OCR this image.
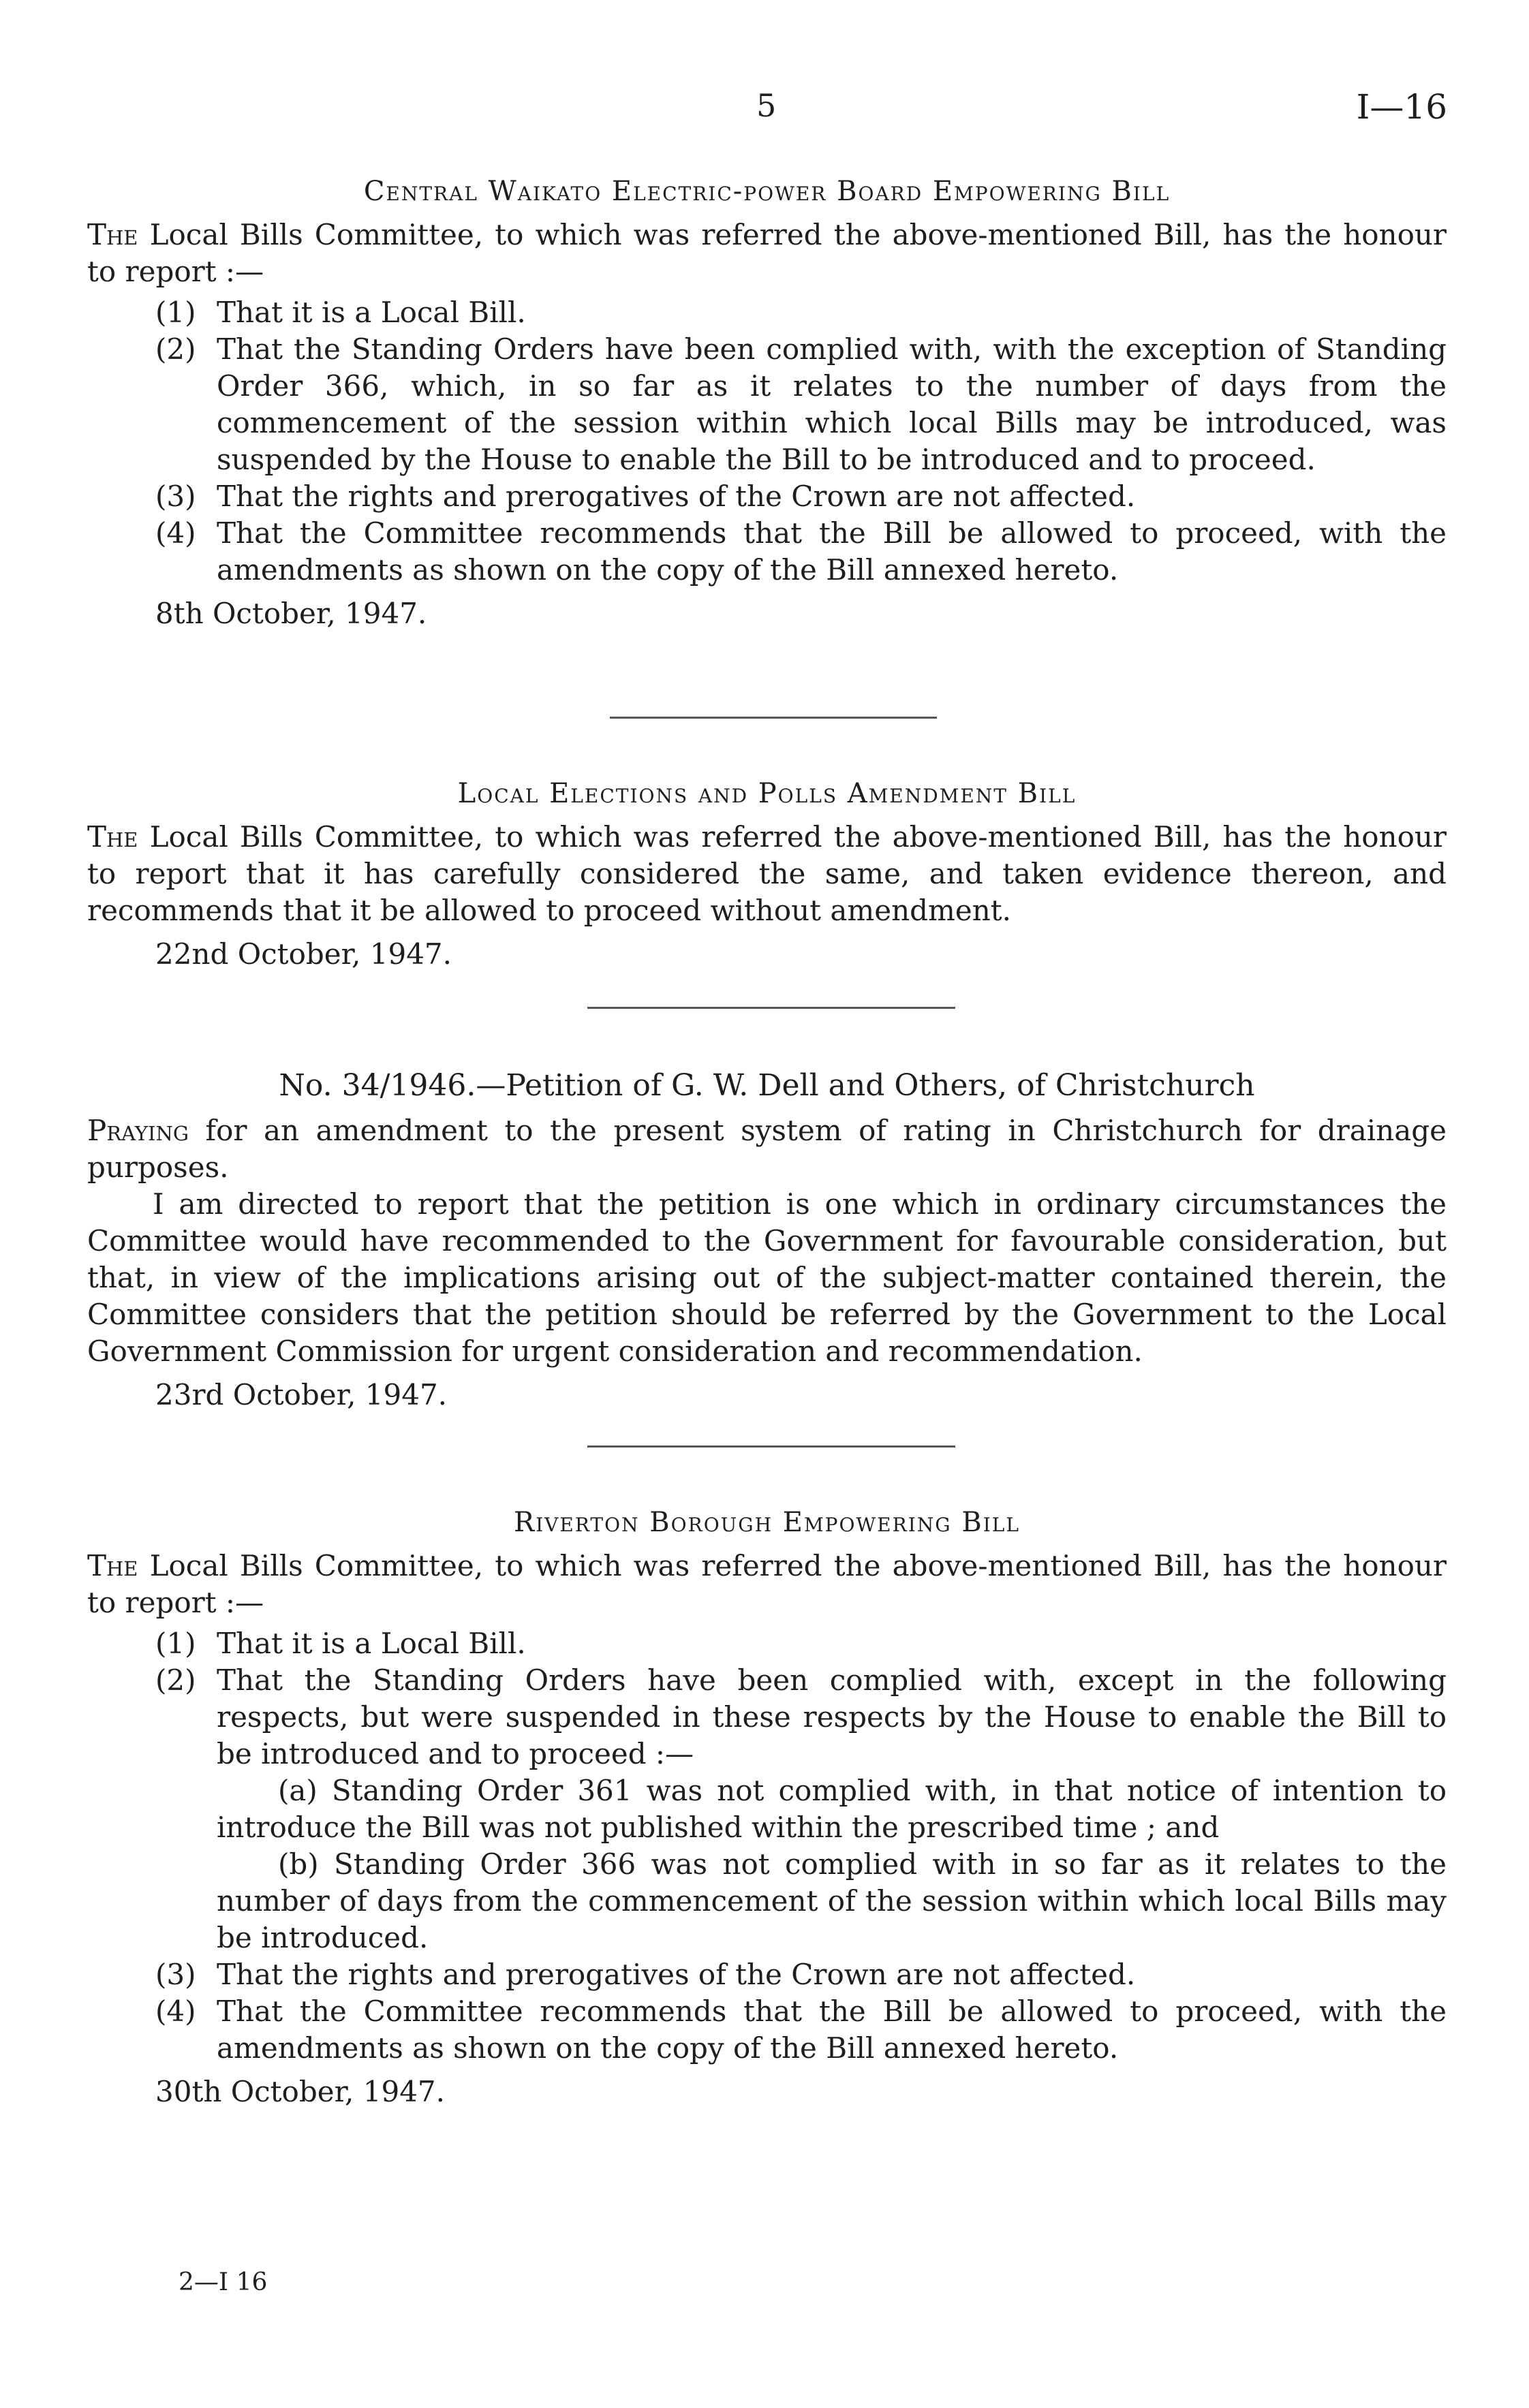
5	I—16
Central Waikato Electric-power Board Empowering Bill

The Local Bills Committee, to which was referred the above-mentioned Bill, has the honour to report :—

(1) That it is a Local Bill.
(2) That the Standing Orders have been complied with, with the exception of Standing Order 366, which, in so far as it relates to the number of days from the commencement of the session within which local Bills may be introduced, was suspended by the House to enable the Bill to be introduced and to proceed.
(3) That the rights and prerogatives of the Crown are not affected.
(4) That the Committee recommends that the Bill be allowed to proceed, with the amendments as shown on the copy of the Bill annexed hereto.
8th October, 1947.
Local Elections and Polls Amendment Bill

The Local Bills Committee, to which was referred the above-mentioned Bill, has the honour to report that it has carefully considered the same, and taken evidence thereon, and recommends that it be allowed to proceed without amendment.

22nd October, 1947.
No. 34/1946.—Petition of G. W. Dell and Others, of Christchurch

Praying for an amendment to the present system of rating in Christchurch for drainage purposes.

I am directed to report that the petition is one which in ordinary circumstances the Committee would have recommended to the Government for favourable consideration, but that, in view of the implications arising out of the subject-matter contained therein, the Committee considers that the petition should be referred by the Government to the Local Government Commission for urgent consideration and recommendation.

23rd October, 1947.
Riverton Borough Empowering Bill

The Local Bills Committee, to which was referred the above-mentioned Bill, has the honour to report :—

(1) That it is a Local Bill.
(2) That the Standing Orders have been complied with, except in the following respects, but were suspended in these respects by the House to enable the Bill to be introduced and to proceed :—
(a) Standing Order 361 was not complied with, in that notice of intention to introduce the Bill was not published within the prescribed time ; and
(b) Standing Order 366 was not complied with in so far as it relates to the number of days from the commencement of the session within which local Bills may be introduced.
(3) That the rights and prerogatives of the Crown are not affected.
(4) That the Committee recommends that the Bill be allowed to proceed, with the amendments as shown on the copy of the Bill annexed hereto.
30th October, 1947.
2—I 16
